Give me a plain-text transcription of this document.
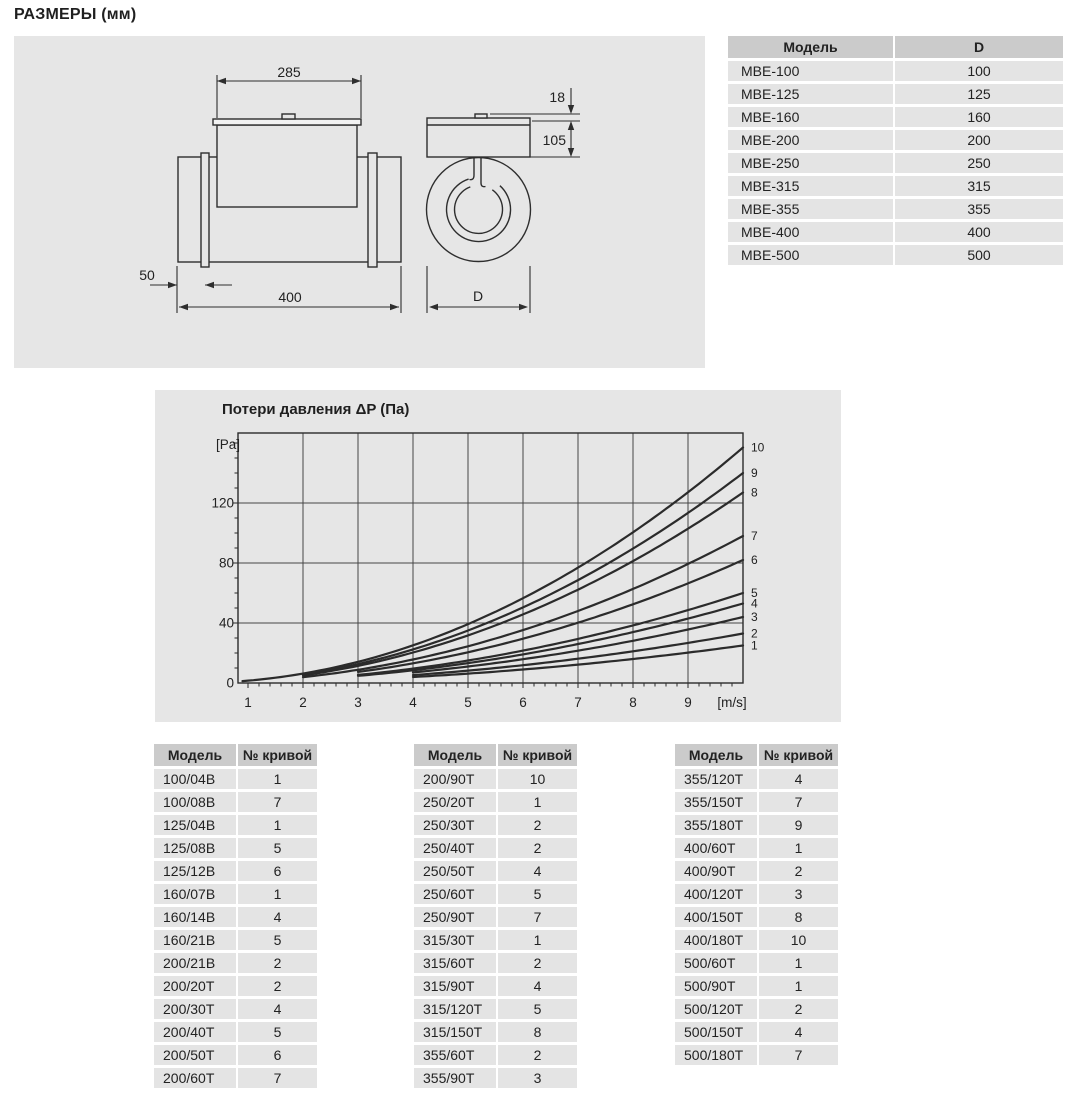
РАЗМЕРЫ (мм)
285
50
400
18
105
D
Модель	D
МВЕ-100	100
МВЕ-125	125
МВЕ-160	160
МВЕ-200	200
МВЕ-250	250
МВЕ-315	315
МВЕ-355	355
МВЕ-400	400
МВЕ-500	500
Потери давления ΔP (Па)
1
2
3
4
5
6
7
8
9
10
0
40
80
120
[Pa]
1	2	3	4	5	6	7	8	9 [m/s]
Модель	№ кривой
100/04В	1
100/08В	7
125/04В	1
125/08В	5
125/12В	6
160/07В	1
160/14В	4
160/21В	5
200/21В	2
200/20Т	2
200/30Т	4
200/40Т	5
200/50Т	6
200/60Т	7
Модель	№ кривой
200/90Т	10
250/20Т	1
250/30Т	2
250/40Т	2
250/50Т	4
250/60Т	5
250/90Т	7
315/30Т	1
315/60Т	2
315/90Т	4
315/120Т	5
315/150Т	8
355/60Т	2
355/90Т	3
Модель	№ кривой
355/120Т	4
355/150Т	7
355/180Т	9
400/60Т	1
400/90Т	2
400/120Т	3
400/150Т	8
400/180Т	10
500/60Т	1
500/90Т	1
500/120Т	2
500/150Т	4
500/180Т	7
